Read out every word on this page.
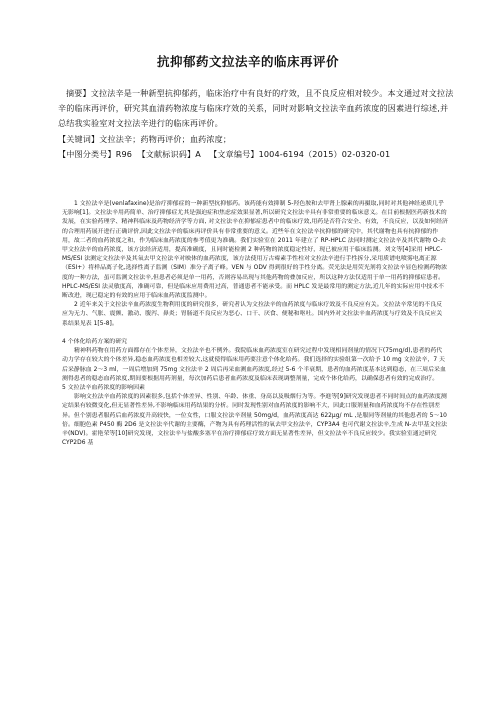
抗抑郁药文拉法辛的临床再评价

摘要】文拉法辛是一种新型抗抑郁药，临床治疗中有良好的疗效，且不良反应相对较少。本文通过对文拉法辛的临床再评价，研究其血清药物浓度与临床疗效的关系，同时对影响文拉法辛血药浓度的因素进行综述,并总结我实验室对文拉法辛进行的临床再评价。

【关键词】文拉法辛；药物再评价；血药浓度；

【中图分类号】R96 【文献标识码】A 【文章编号】1004-6194（2015）02-0320-01

1 文拉法辛是(venlafaxine)是治疗抑郁症的一种新型抗抑郁药。该药能有效抑制 5-羟色胺和去甲肾上腺素的再摄取,同时对其他神经递质几乎无影响[1]。文拉法辛用药简单、治疗抑郁症尤其是强迫症和焦虑症效果显著,所以研究文拉法辛具有非常重要的临床意义。在目前根据医药新技术的发展，在实验药理学、精神科临床及药物经济学等方面, 对文拉法辛在抑郁症患者中的临床疗效,用药是否符合安全、有效，不良反应，以及如何经济的合理用药展开进行正确评价,因此文拉法辛的临床再评价具有非常重要的意义。近些年在文拉法辛抗抑郁的研究中，其代谢物也具有抗抑郁的作用，故二者的血药浓度之和，作为临床血药浓度的参考值更为准确。我们实验室在 2011 年建立了 RP-HPLC 法同时测定文拉法辛及其代谢物 O-去甲文拉法辛的血药浓度，该方法经济适用，提高准确度，且同时能检测 2 种药物的浓度稳定性好，现已被应用于临床监测。刘文等[4]采用 HPLC-MS/ESI 法测定文拉法辛及其氧去甲文拉法辛对映体的血药浓度，该方法使用万古霉素手性柱对文拉法辛进行手性拆分,采用质谱电喷雾电离正源（ESI+）将样品离子化,选择性离子监测（SIM）准分子离子峰。VEN 与 ODV 得到很好的手性分离。荧光法是用荧光剂将文拉法辛显色检测药物浓度的一种方法，虽可监测文拉法辛,但患者必须是单一用药，否则容易出现与其他药物的叠加反应，所以这种方法仅适用于单一用药的抑郁症患者。HPLC-MS/ESI 法灵敏度高，准确可靠，但是临床应用费用过高，普通患者不能承受。而 HPLC 发是最常用的测定方法,近几年的实际应用中技术不断改进，现已稳定的有效的应用于临床血药浓度监测中。

2 近年来关于文拉法辛血药浓度生物利用度的研究很多，研究者认为文拉法辛的血药浓度与临床疗效及不良反应有关。文拉法辛常见的不良反应为无力、气胀、震颤、激动、腹泻、鼻炎；胃肠道不良反应为恶心、口干、厌食、便秘和呕吐。国内外对文拉法辛血药浓度与疗效及不良反应关系结果见表 1[5-8]。

4 个体化给药方案的研究

精神科药物在用药方面都存在个体差异，文拉法辛也不例外。我院临床血药浓度室在研究过程中发现相同剂量的情况下(75mg/d),患者的药代动力学存在较大的个体差异,稳态血药浓度也相差较大,这就使得临床用药要注意个体化给药。我们选择的实验组第一次给予 10 mg 文拉法辛，7 天后采静脉血 2～3 ml，一周后增加到 75mg 文拉法辛 2 周后再采血测血药浓度,经过 5-6 个半衰期，患者的血药浓度基本达到稳态，在三周后采血测得患者的稳态血药浓度,期间要根据用药剂量，每次加药后患者血药浓度及临床表现调整剂量，完成个体化给药，以确保患者有效的完成治疗。

5 文拉法辛血药浓度的影响因素

影响文拉法辛血药浓度的因素很多,包括个体差异、性别、年龄、体重、身高以及吸烟行为等。李進等[9]研究发现患者不同时间点的血药浓度测定结果有较微变化,但无显著性差异,不影响临床用药结果的分析。同时发现性别对血药浓度的影响不大，因此口服剂量和血药浓度均不存在性别差异。但个别患者服药后血药浓度升高较快，一位女性，口服文拉法辛剂量 50mg/d，血药浓度高达 622μg/ mL ,是服同等剂量的其他患者的 5～10 倍。细胞色素 P450 酶 2D6 是文拉法辛代谢的主要酶，产物为具有药理活性的氧去甲文拉法辛，CYP3A4 也可代谢文拉法辛,生成 N-去甲基文拉法辛(NDV)。霍艳荣等[10]研究发现，文拉法辛与盐酸多塞平在治疗抑郁症疗效方面无显著性差异，但文拉法辛不良反应较少。我实验室通过研究 CYP2D6 基
